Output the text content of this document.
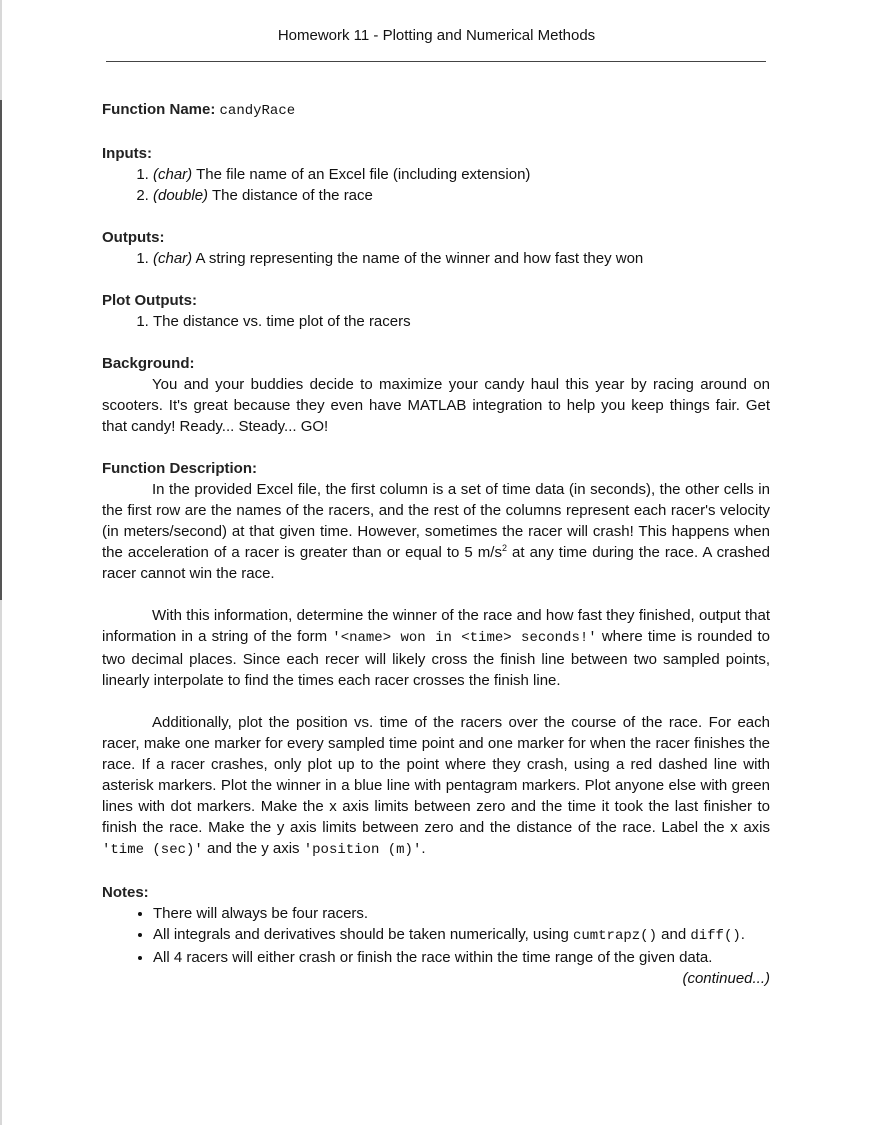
Homework 11 - Plotting and Numerical Methods
Function Name: candyRace
Inputs:
1. (char) The file name of an Excel file (including extension)
2. (double) The distance of the race
Outputs:
1. (char) A string representing the name of the winner and how fast they won
Plot Outputs:
1. The distance vs. time plot of the racers
Background:

You and your buddies decide to maximize your candy haul this year by racing around on scooters. It's great because they even have MATLAB integration to help you keep things fair. Get that candy! Ready... Steady... GO!

Function Description:

In the provided Excel file, the first column is a set of time data (in seconds), the other cells in the first row are the names of the racers, and the rest of the columns represent each racer's velocity (in meters/second) at that given time. However, sometimes the racer will crash! This happens when the acceleration of a racer is greater than or equal to 5 $m/s^2$ at any time during the race. A crashed racer cannot win the race.

With this information, determine the winner of the race and how fast they finished, output that information in a string of the form '<name> won in <time> seconds!' where time is rounded to two decimal places. Since each recer will likely cross the finish line between two sampled points, linearly interpolate to find the times each racer crosses the finish line.

Additionally, plot the position vs. time of the racers over the course of the race. For each racer, make one marker for every sampled time point and one marker for when the racer finishes the race. If a racer crashes, only plot up to the point where they crash, using a red dashed line with asterisk markers. Plot the winner in a blue line with pentagram markers. Plot anyone else with green lines with dot markers. Make the x axis limits between zero and the time it took the last finisher to finish the race. Make the y axis limits between zero and the distance of the race. Label the x axis 'time (sec)' and the y axis 'position (m)'.

Notes:
• There will always be four racers.
• All integrals and derivatives should be taken numerically, using cumtrapz() and diff().
• All 4 racers will either crash or finish the race within the time range of the given data.
(continued...)
